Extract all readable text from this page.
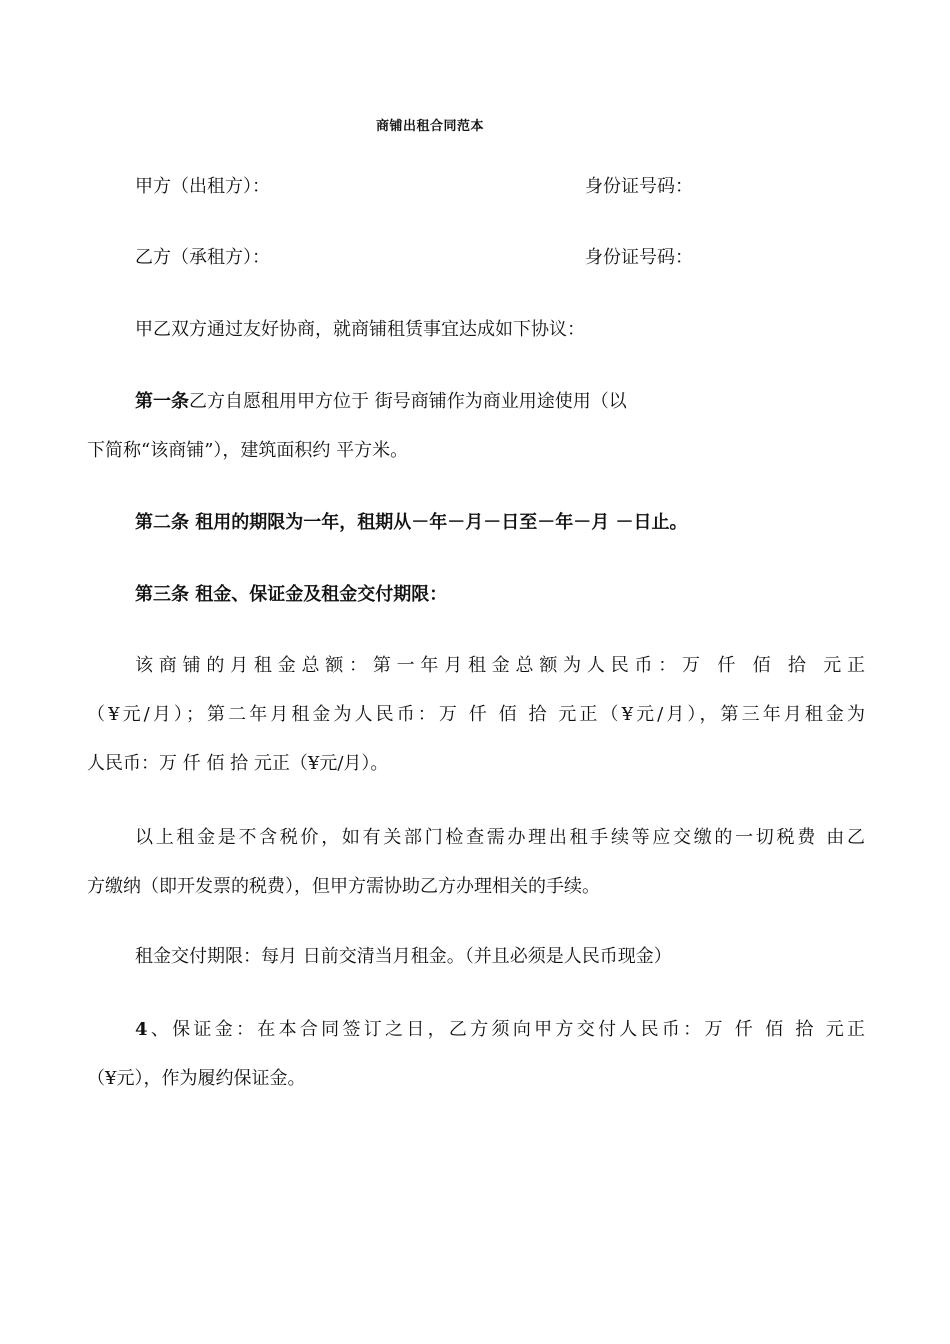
商铺出租合同范本
甲方（出租方）：	身份证号码：
乙方（承租方）：	身份证号码：
甲乙双方通过友好协商，就商铺租赁事宜达成如下协议：
第一条乙方自愿租用甲方位于 街号商铺作为商业用途使用（以
下简称“该商铺”），建筑面积约 平方米。
第二条 租用的期限为一年，租期从－年－月－日至－年－月 －日止。
第三条 租金、保证金及租金交付期限：
该商铺的月租金总额：第一年月租金总额为人民币：万 仟 佰 拾 元正
（¥元/月）；第二年月租金为人民币：万 仟 佰 拾 元正（¥元/月），第三年月租金为
人民币：万 仟 佰 拾 元正（¥元/月）。
以上租金是不含税价，如有关部门检查需办理出租手续等应交缴的一切税费 由乙
方缴纳（即开发票的税费），但甲方需协助乙方办理相关的手续。
租金交付期限：每月 日前交清当月租金。（并且必须是人民币现金）
4、保证金：在本合同签订之日，乙方须向甲方交付人民币：万 仟 佰 拾 元正
（¥元），作为履约保证金。
